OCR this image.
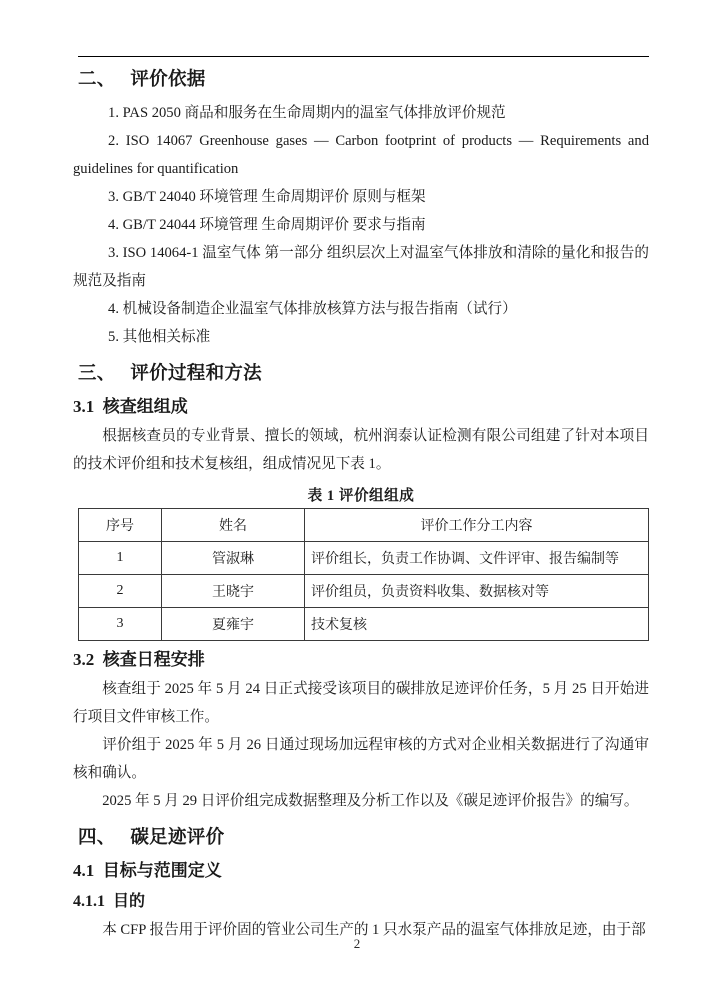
二、   评价依据

1. PAS 2050 商品和服务在生命周期内的温室气体排放评价规范

2. ISO 14067 Greenhouse gases — Carbon footprint of products — Requirements and guidelines for quantification

3. GB/T 24040 环境管理 生命周期评价 原则与框架

4. GB/T 24044 环境管理 生命周期评价 要求与指南

3. ISO 14064-1 温室气体 第一部分 组织层次上对温室气体排放和清除的量化和报告的规范及指南

4. 机械设备制造企业温室气体排放核算方法与报告指南（试行）

5. 其他相关标准

三、   评价过程和方法
3.1  核查组组成

根据核查员的专业背景、擅长的领域，杭州润泰认证检测有限公司组建了针对本项目的技术评价组和技术复核组，组成情况见下表 1。

表 1 评价组组成
序号	姓名	评价工作分工内容
1	管淑琳	评价组长，负责工作协调、文件评审、报告编制等
2	王晓宇	评价组员，负责资料收集、数据核对等
3	夏雍宇	技术复核
3.2  核查日程安排

核查组于 2025 年 5 月 24 日正式接受该项目的碳排放足迹评价任务，5 月 25 日开始进行项目文件审核工作。

评价组于 2025 年 5 月 26 日通过现场加远程审核的方式对企业相关数据进行了沟通审核和确认。

2025 年 5 月 29 日评价组完成数据整理及分析工作以及《碳足迹评价报告》的编写。

四、   碳足迹评价
4.1  目标与范围定义
4.1.1  目的

本 CFP 报告用于评价固的管业公司生产的 1 只水泵产品的温室气体排放足迹，由于部

2
